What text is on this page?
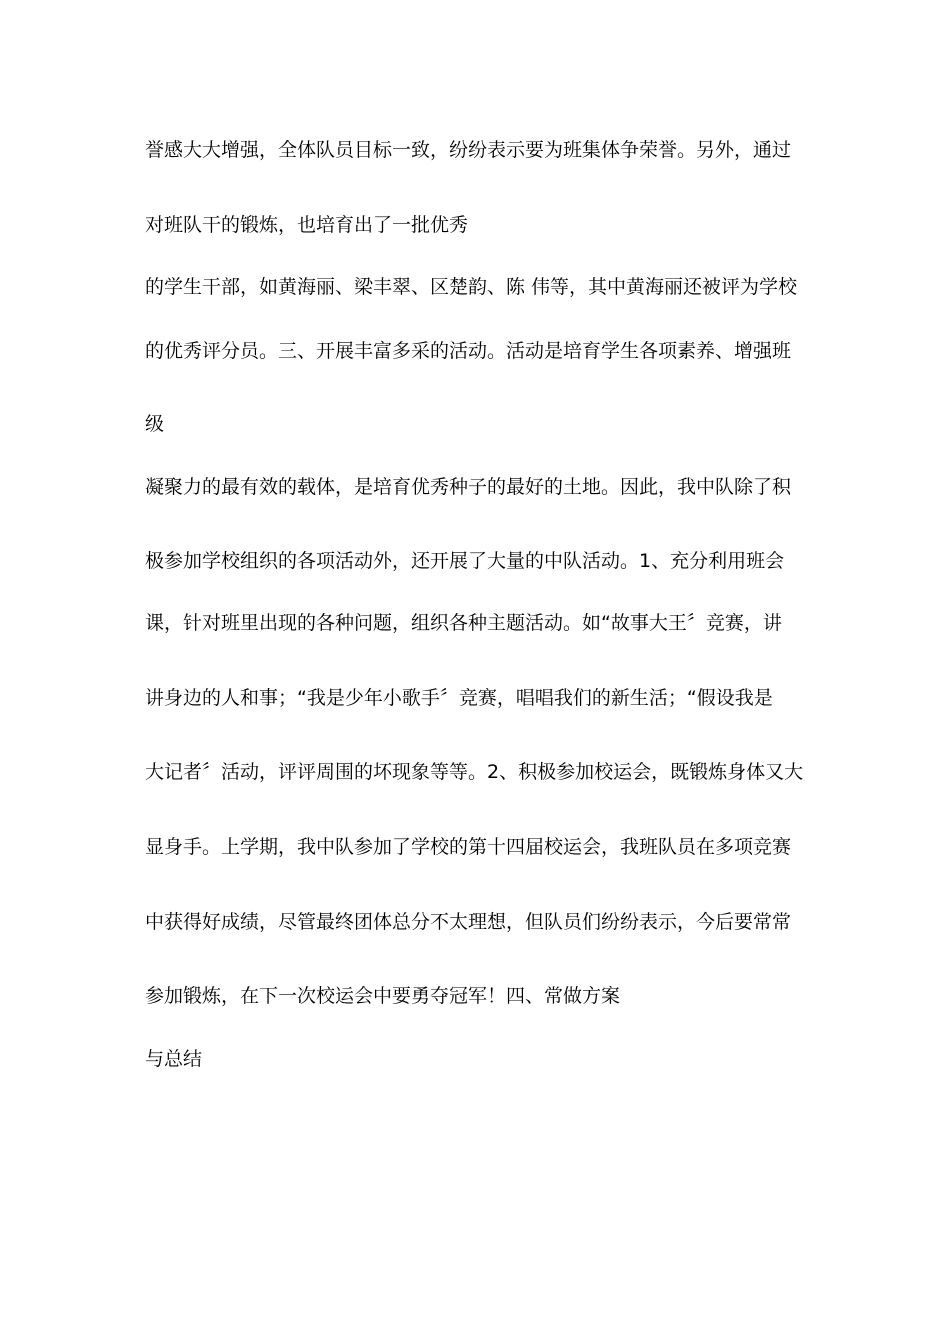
誉感大大增强，全体队员目标一致，纷纷表示要为班集体争荣誉。另外，通过
对班队干的锻炼，也培育出了一批优秀
的学生干部，如黄海丽、梁丰翠、区楚韵、陈 伟等，其中黄海丽还被评为学校
的优秀评分员。三、开展丰富多采的活动。活动是培育学生各项素养、增强班
级
凝聚力的最有效的载体，是培育优秀种子的最好的土地。因此，我中队除了积
极参加学校组织的各项活动外，还开展了大量的中队活动。1、充分利用班会
课，针对班里出现的各种问题，组织各种主题活动。如“故事大王〞竞赛，讲
讲身边的人和事；“我是少年小歌手〞竞赛，唱唱我们的新生活；“假设我是
大记者〞活动，评评周围的坏现象等等。2、积极参加校运会，既锻炼身体又大
显身手。上学期，我中队参加了学校的第十四届校运会，我班队员在多项竞赛
中获得好成绩，尽管最终团体总分不太理想，但队员们纷纷表示，今后要常常
参加锻炼，在下一次校运会中要勇夺冠军！四、常做方案
与总结
